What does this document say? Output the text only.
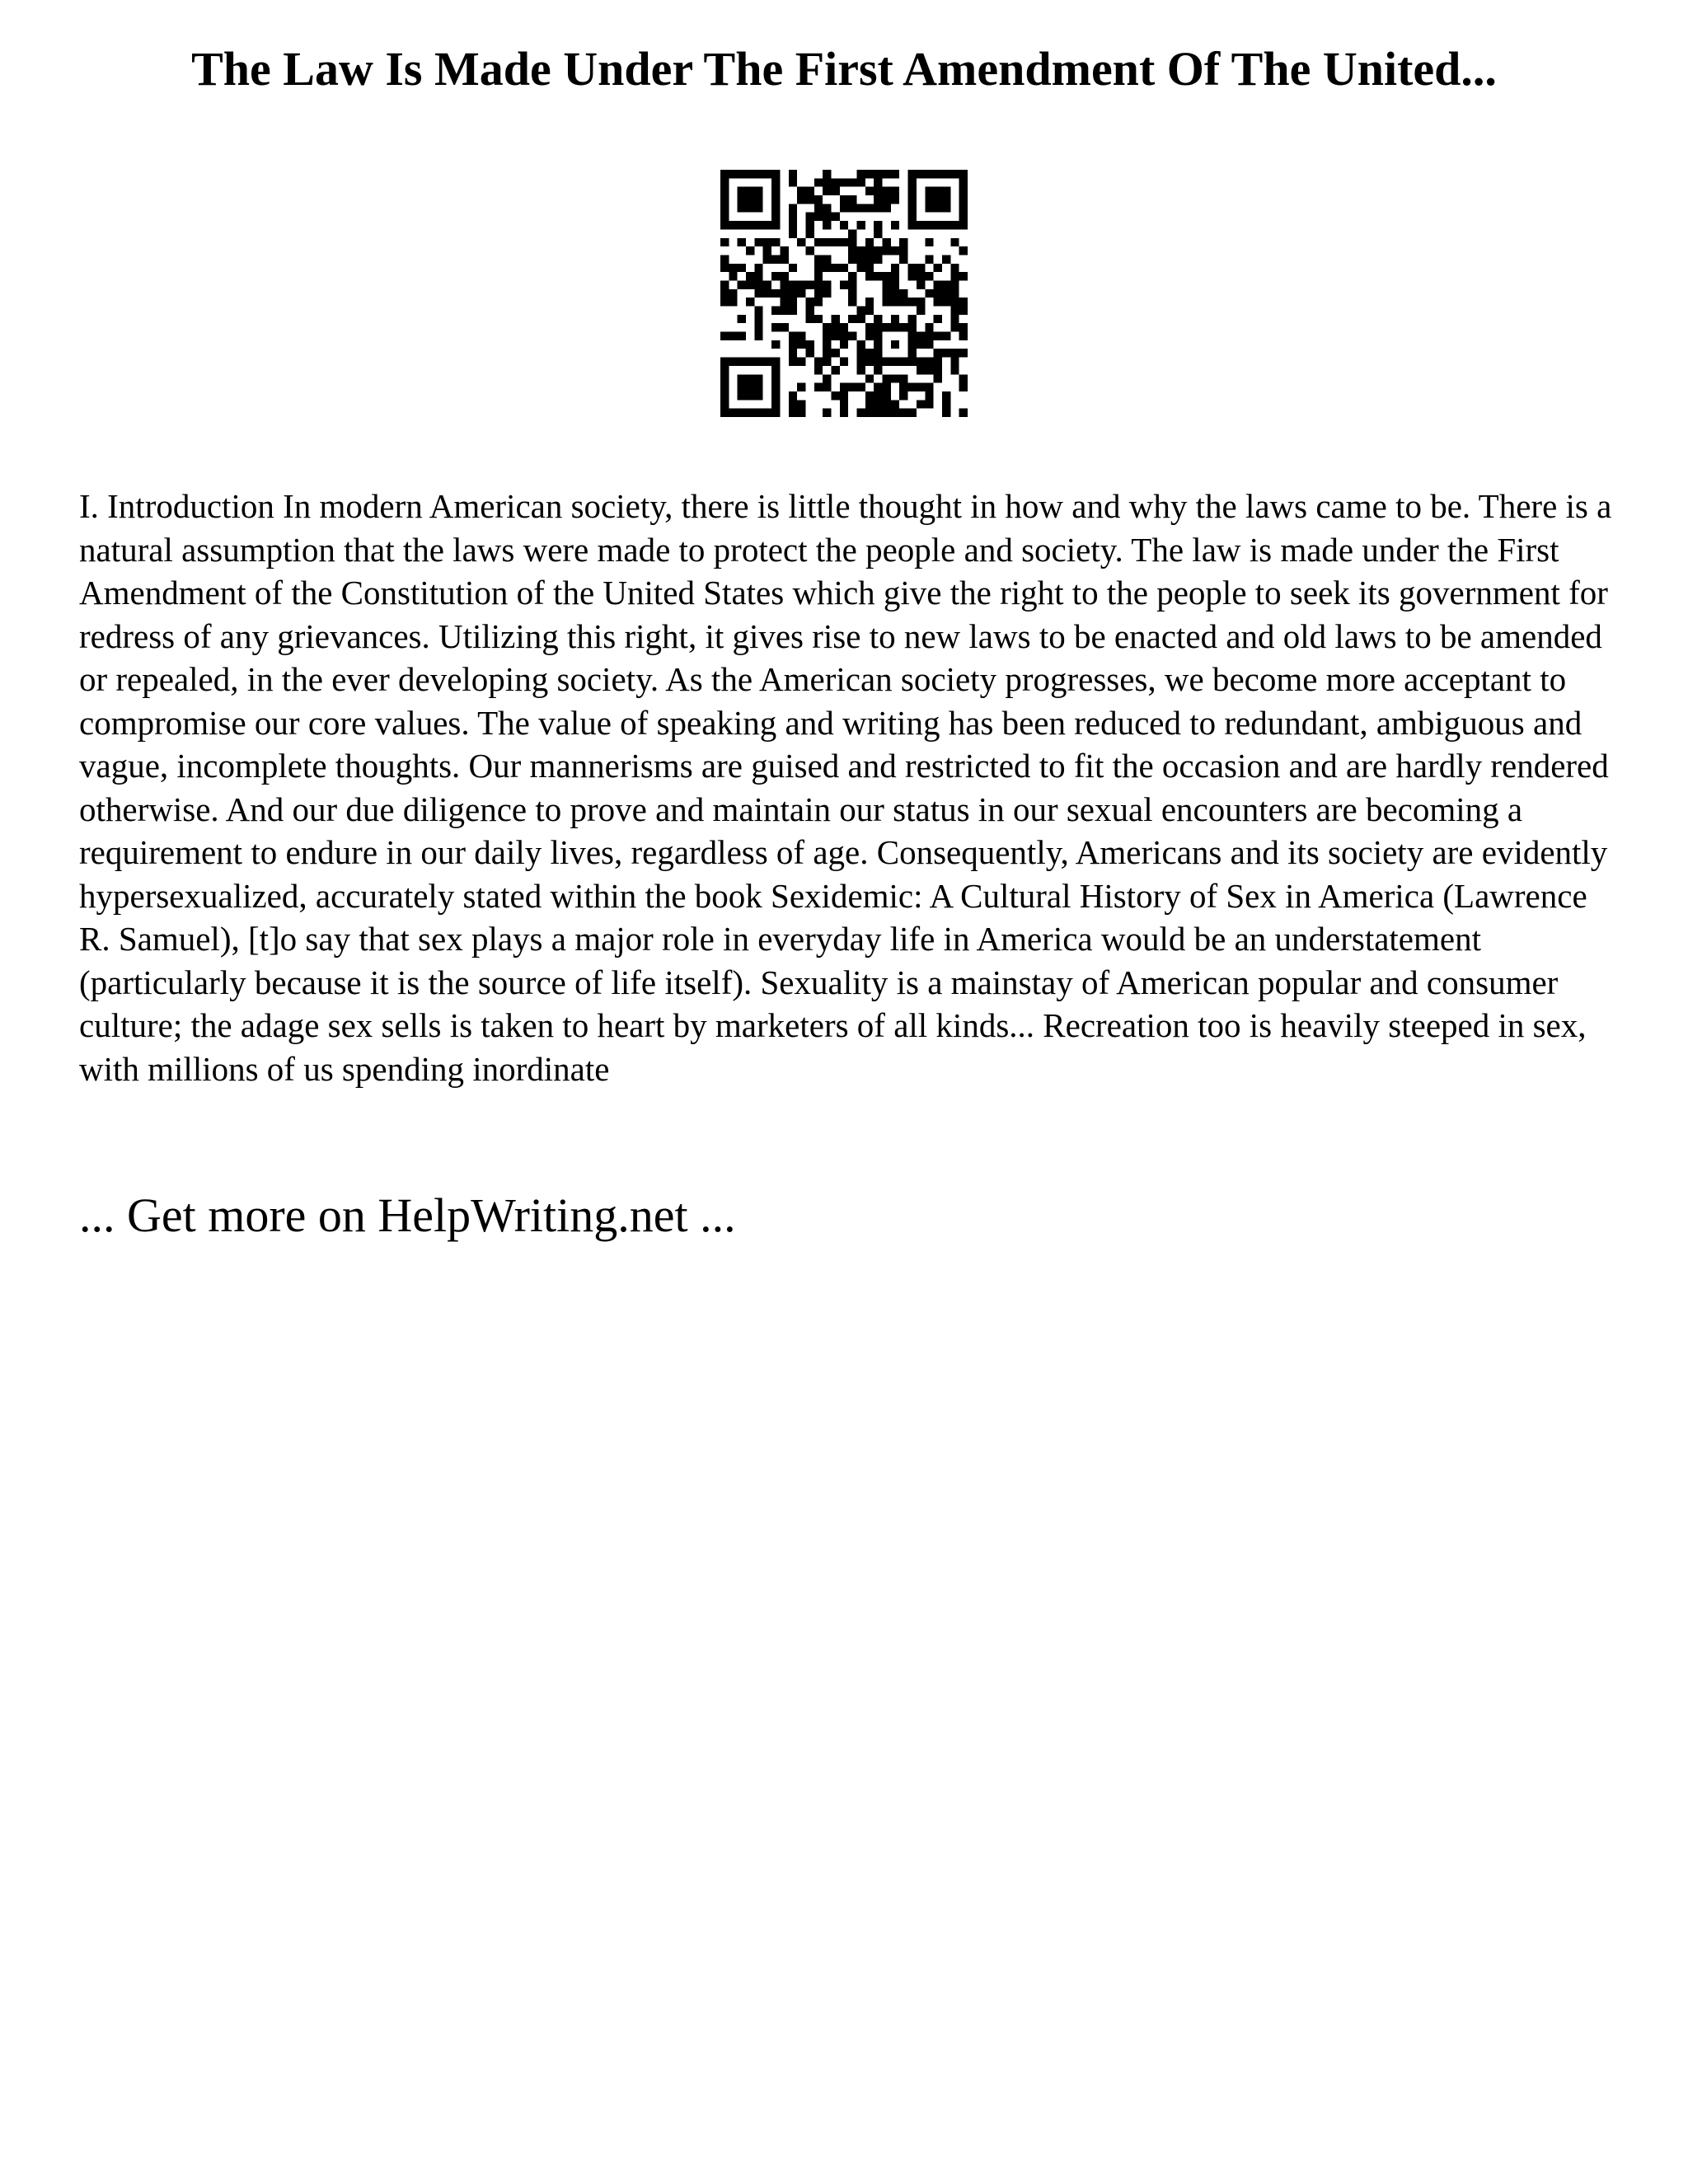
The Law Is Made Under The First Amendment Of The United...

I. Introduction In modern American society, there is little thought in how and why the laws came to be. There is a natural assumption that the laws were made to protect the people and society. The law is made under the First Amendment of the Constitution of the United States which give the right to the people to seek its government for redress of any grievances. Utilizing this right, it gives rise to new laws to be enacted and old laws to be amended or repealed, in the ever developing society. As the American society progresses, we become more acceptant to compromise our core values. The value of speaking and writing has been reduced to redundant, ambiguous and vague, incomplete thoughts. Our mannerisms are guised and restricted to fit the occasion and are hardly rendered otherwise. And our due diligence to prove and maintain our status in our sexual encounters are becoming a requirement to endure in our daily lives, regardless of age. Consequently, Americans and its society are evidently hypersexualized, accurately stated within the book Sexidemic: A Cultural History of Sex in America (Lawrence R. Samuel), [t]o say that sex plays a major role in everyday life in America would be an understatement (particularly because it is the source of life itself). Sexuality is a mainstay of American popular and consumer culture; the adage sex sells is taken to heart by marketers of all kinds... Recreation too is heavily steeped in sex, with millions of us spending inordinate

... Get more on HelpWriting.net ...
